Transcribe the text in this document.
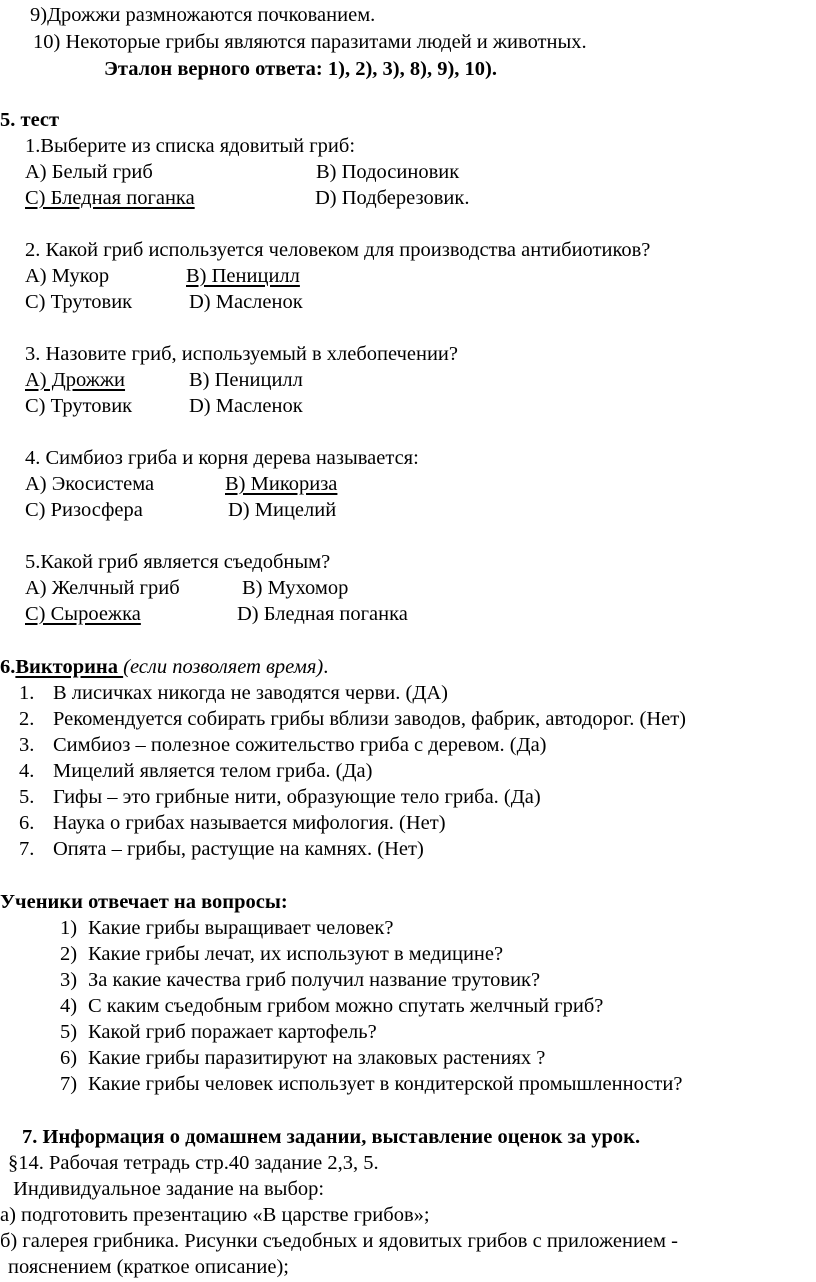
9)Дрожжи размножаются почкованием.
10) Некоторые грибы являются паразитами людей и животных.
Эталон верного ответа: 1), 2), 3), 8), 9), 10).
5. тест
1.Выберите из списка ядовитый гриб:
А) Белый гриб	В) Подосиновик
С) Бледная поганка	D) Подберезовик.
2. Какой гриб используется человеком для производства антибиотиков?
А) Мукор	В) Пеницилл
С) Трутовик	D) Масленок
3. Назовите гриб, используемый в хлебопечении?
А) Дрожжи	В) Пеницилл
С) Трутовик	D) Масленок
4. Симбиоз гриба и корня дерева называется:
А) Экосистема	В) Микориза
С) Ризосфера	D) Мицелий
5.Какой гриб является съедобным?
А) Желчный гриб	В) Мухомор
С) Сыроежка	D) Бледная поганка
6.Викторина (если позволяет время).
1. В лисичках никогда не заводятся черви. (ДА)
2. Рекомендуется собирать грибы вблизи заводов, фабрик, автодорог. (Нет)
3. Симбиоз – полезное сожительство гриба с деревом. (Да)
4. Мицелий является телом гриба. (Да)
5. Гифы – это грибные нити, образующие тело гриба. (Да)
6. Наука о грибах называется мифология. (Нет)
7. Опята – грибы, растущие на камнях. (Нет)
Ученики отвечает на вопросы:
1) Какие грибы выращивает человек?
2) Какие грибы лечат, их используют в медицине?
3) За какие качества гриб получил название трутовик?
4) С каким съедобным грибом можно спутать желчный гриб?
5) Какой гриб поражает картофель?
6) Какие грибы паразитируют на злаковых растениях ?
7) Какие грибы человек использует в кондитерской промышленности?
7. Информация о домашнем задании, выставление оценок за урок.
§14. Рабочая тетрадь стр.40 задание 2,3, 5.
Индивидуальное задание на выбор:
а) подготовить презентацию «В царстве грибов»;
б) галерея грибника. Рисунки съедобных и ядовитых грибов с приложением -
пояснением (краткое описание);
